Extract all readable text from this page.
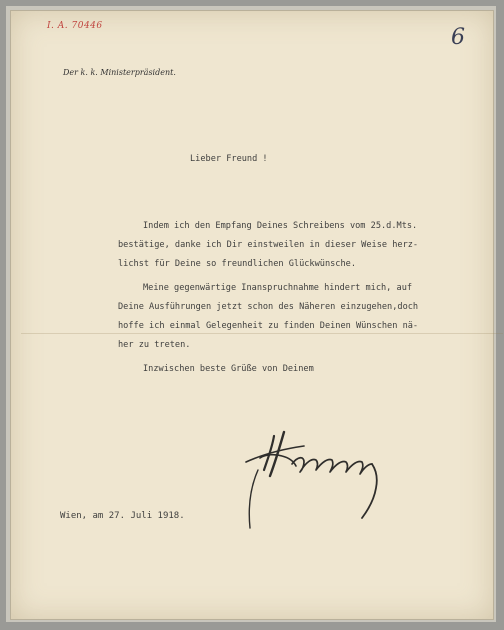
I. A. 70446	6
Der k. k. Ministerpräsident.
Lieber Freund !
Indem ich den Empfang Deines Schreibens vom 25.d.Mts.
bestätige, danke ich Dir einstweilen in dieser Weise herz-
lichst für Deine so freundlichen Glückwünsche.
Meine gegenwärtige Inanspruchnahme hindert mich, auf
Deine Ausführungen jetzt schon des Näheren einzugehen,doch
hoffe ich einmal Gelegenheit zu finden Deinen Wünschen nä-
her zu treten.
Inzwischen beste Grüße von Deinem
Wien, am 27. Juli 1918.
